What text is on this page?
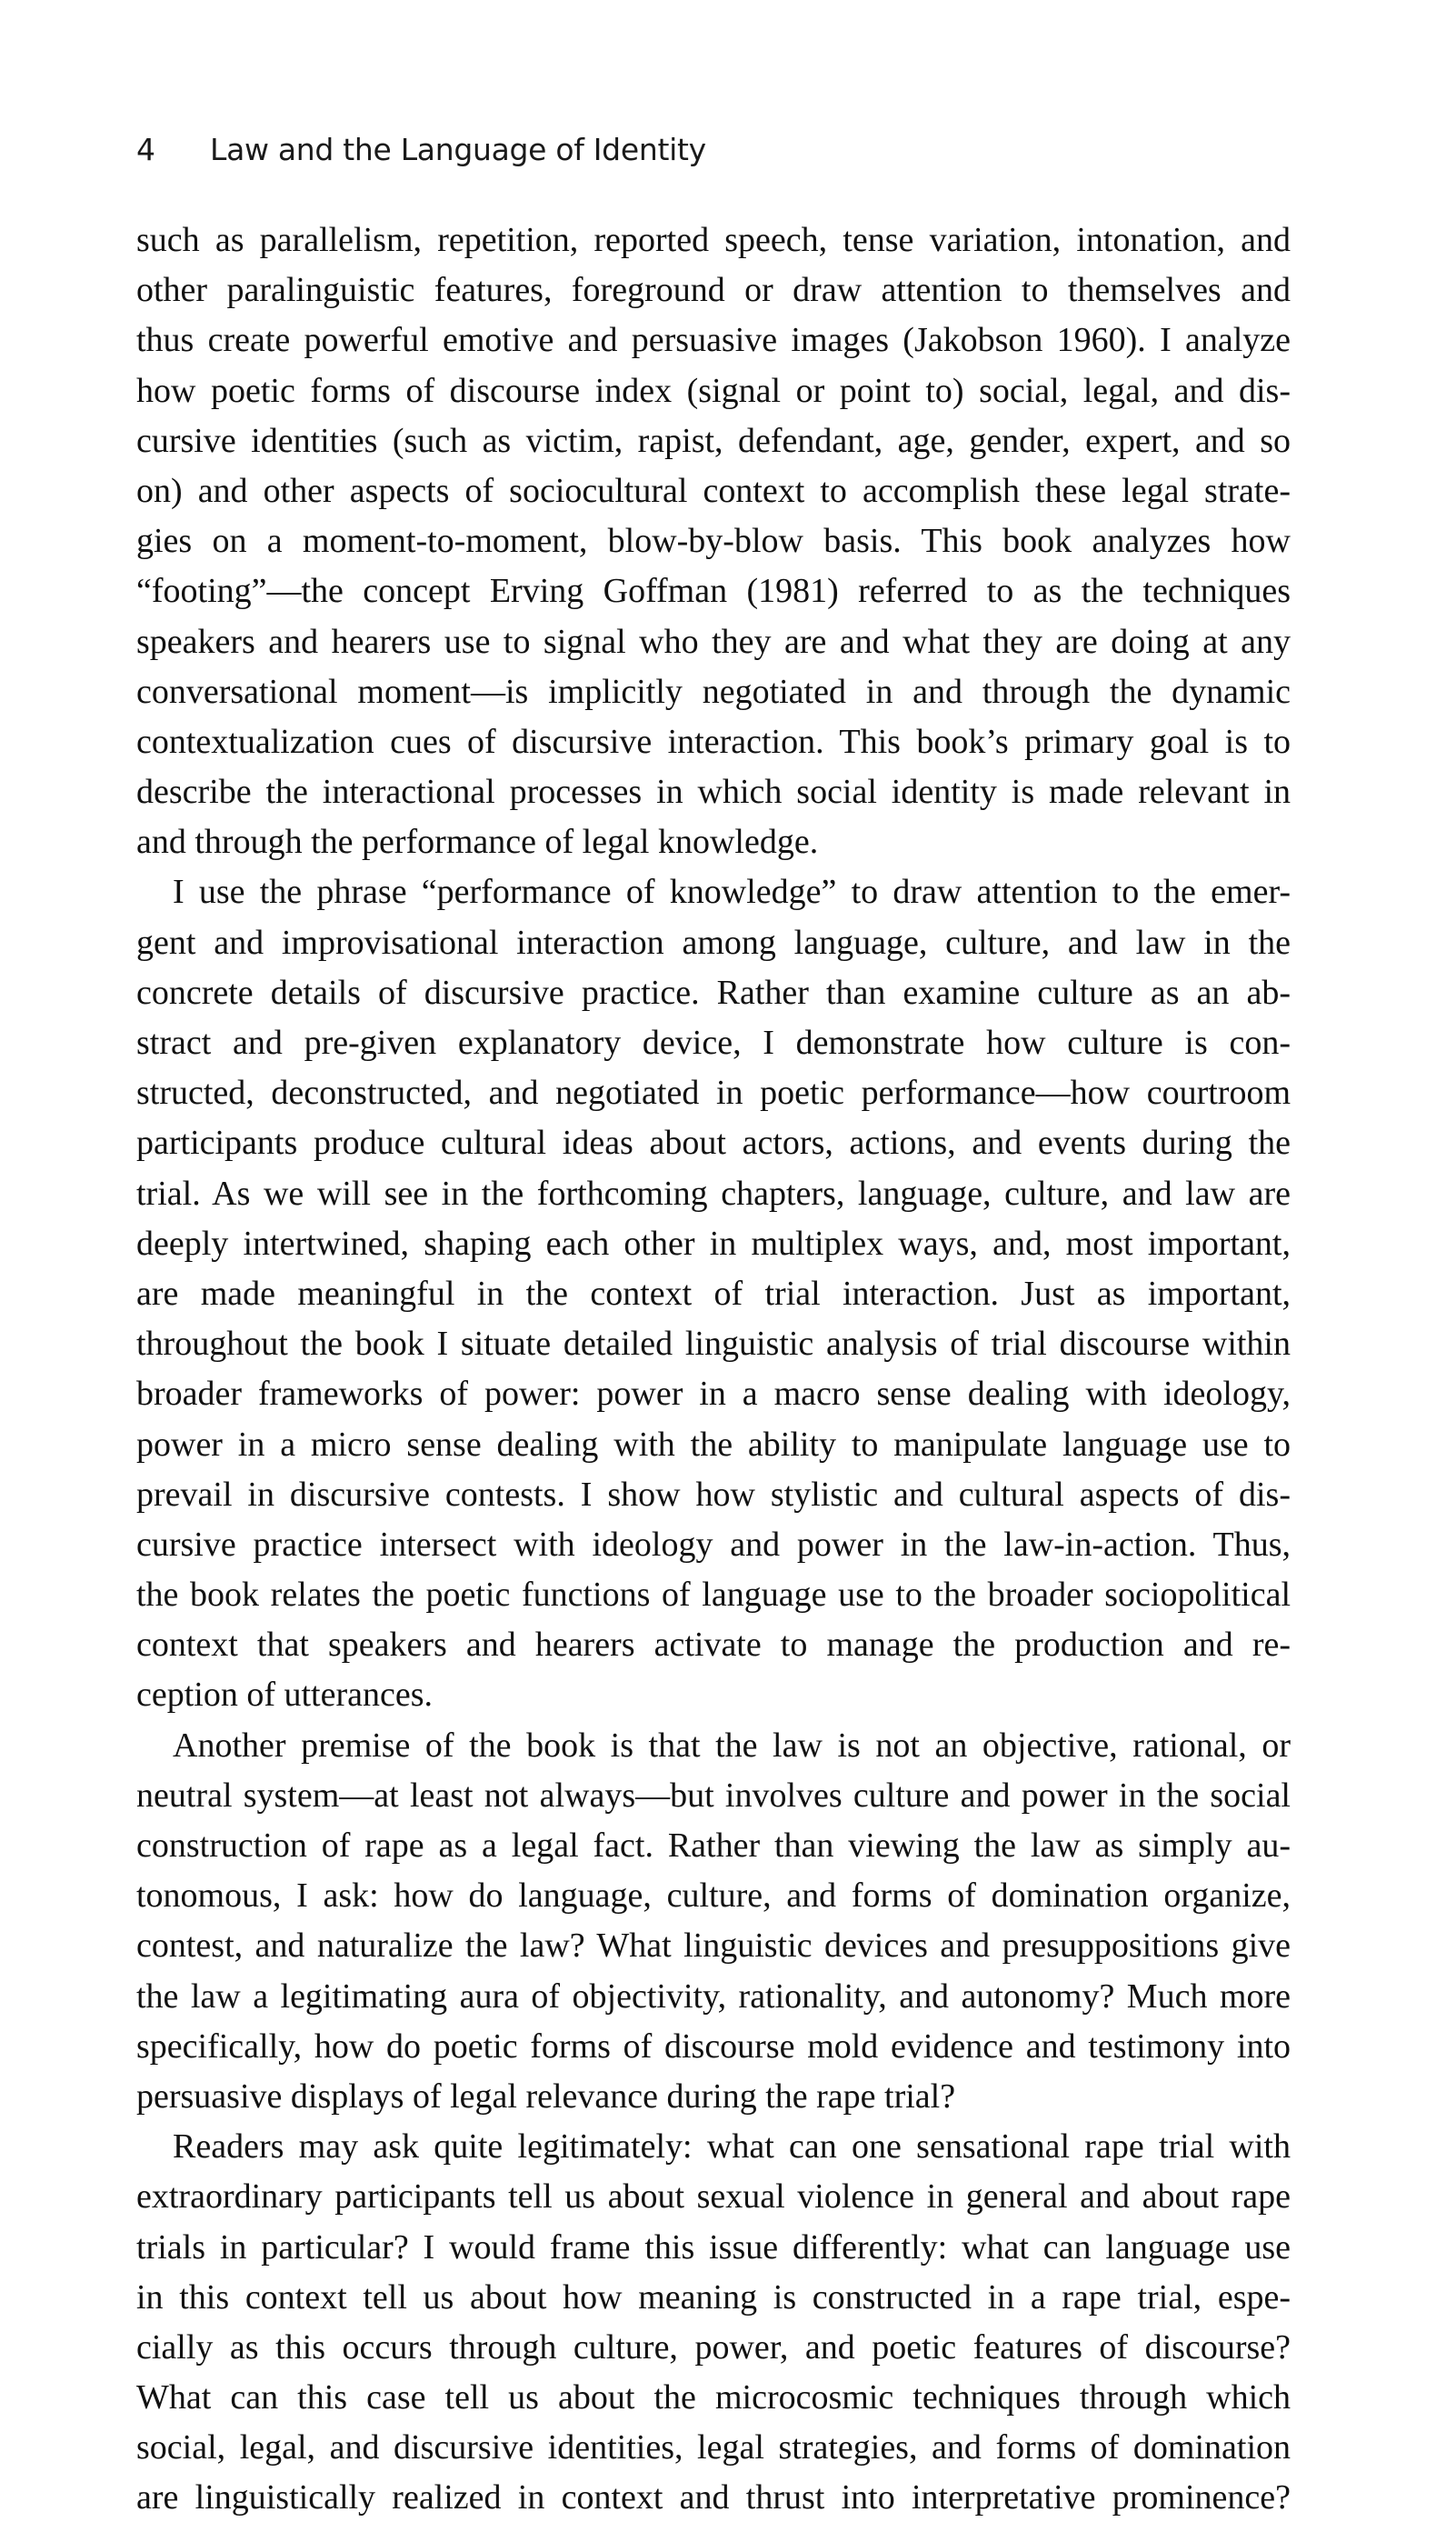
4 Law and the Language of Identity
such as parallelism, repetition, reported speech, tense variation, intonation, and
other paralinguistic features, foreground or draw attention to themselves and
thus create powerful emotive and persuasive images (Jakobson 1960). I analyze
how poetic forms of discourse index (signal or point to) social, legal, and dis-
cursive identities (such as victim, rapist, defendant, age, gender, expert, and so
on) and other aspects of sociocultural context to accomplish these legal strate-
gies on a moment-to-moment, blow-by-blow basis. This book analyzes how
“footing”—the concept Erving Goffman (1981) referred to as the techniques
speakers and hearers use to signal who they are and what they are doing at any
conversational moment—is implicitly negotiated in and through the dynamic
contextualization cues of discursive interaction. This book’s primary goal is to
describe the interactional processes in which social identity is made relevant in
and through the performance of legal knowledge.
I use the phrase “performance of knowledge” to draw attention to the emer-
gent and improvisational interaction among language, culture, and law in the
concrete details of discursive practice. Rather than examine culture as an ab-
stract and pre-given explanatory device, I demonstrate how culture is con-
structed, deconstructed, and negotiated in poetic performance—how courtroom
participants produce cultural ideas about actors, actions, and events during the
trial. As we will see in the forthcoming chapters, language, culture, and law are
deeply intertwined, shaping each other in multiplex ways, and, most important,
are made meaningful in the context of trial interaction. Just as important,
throughout the book I situate detailed linguistic analysis of trial discourse within
broader frameworks of power: power in a macro sense dealing with ideology,
power in a micro sense dealing with the ability to manipulate language use to
prevail in discursive contests. I show how stylistic and cultural aspects of dis-
cursive practice intersect with ideology and power in the law-in-action. Thus,
the book relates the poetic functions of language use to the broader sociopolitical
context that speakers and hearers activate to manage the production and re-
ception of utterances.
Another premise of the book is that the law is not an objective, rational, or
neutral system—at least not always—but involves culture and power in the social
construction of rape as a legal fact. Rather than viewing the law as simply au-
tonomous, I ask: how do language, culture, and forms of domination organize,
contest, and naturalize the law? What linguistic devices and presuppositions give
the law a legitimating aura of objectivity, rationality, and autonomy? Much more
specifically, how do poetic forms of discourse mold evidence and testimony into
persuasive displays of legal relevance during the rape trial?
Readers may ask quite legitimately: what can one sensational rape trial with
extraordinary participants tell us about sexual violence in general and about rape
trials in particular? I would frame this issue differently: what can language use
in this context tell us about how meaning is constructed in a rape trial, espe-
cially as this occurs through culture, power, and poetic features of discourse?
What can this case tell us about the microcosmic techniques through which
social, legal, and discursive identities, legal strategies, and forms of domination
are linguistically realized in context and thrust into interpretative prominence?
